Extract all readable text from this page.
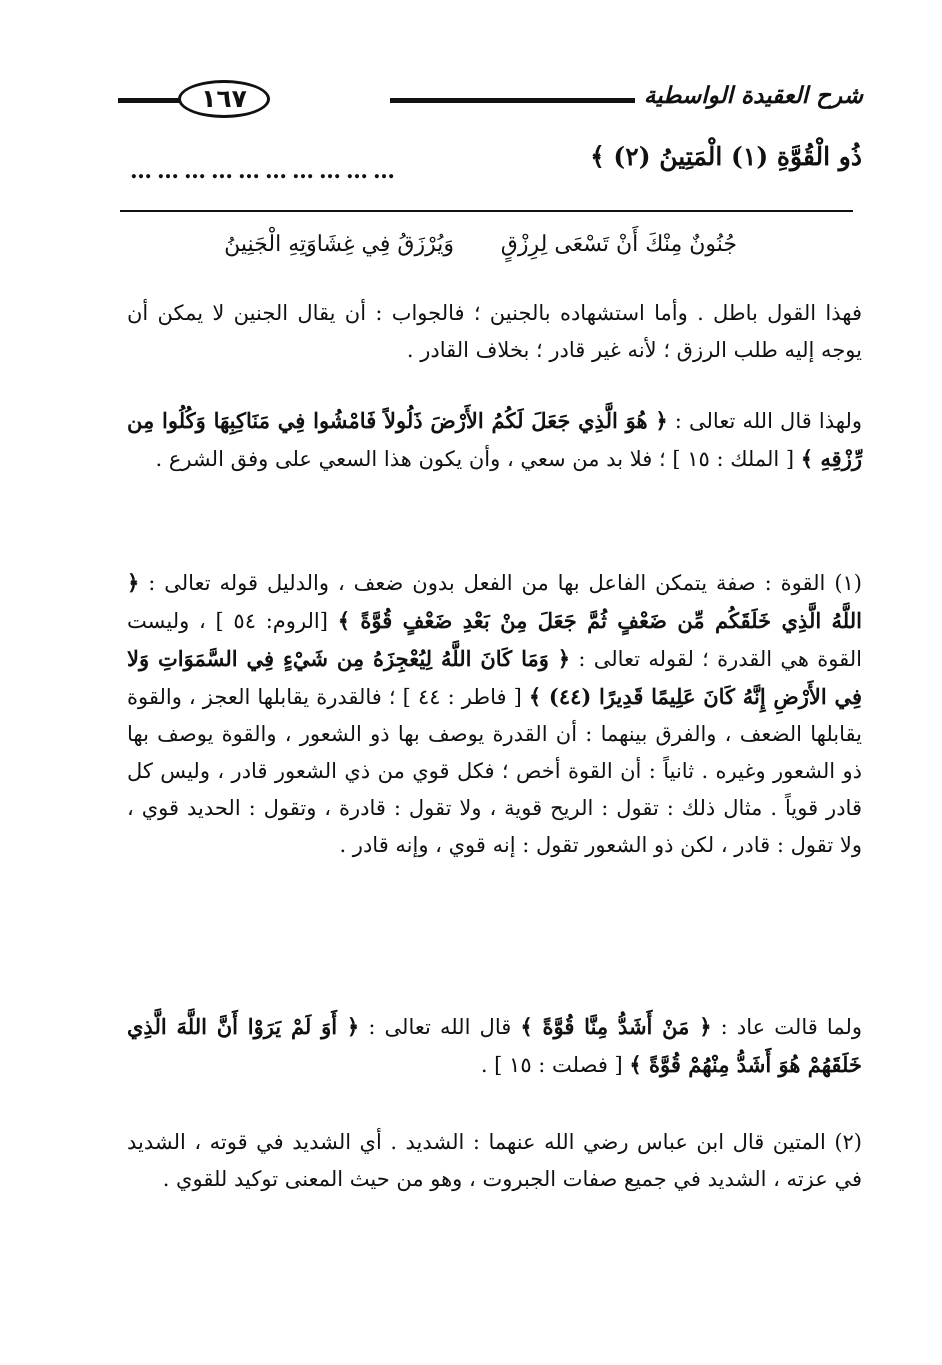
شرح العقيدة الواسطية
١٦٧
ذُو الْقُوَّةِ (١) الْمَتِينُ (٢) ﴾
…………………………
جُنُونٌ مِنْكَ أَنْ تَسْعَى لِرِزْقٍ
وَيُرْزَقُ فِي غِشَاوَتِهِ الْجَنِينُ
فهذا القول باطل . وأما استشهاده بالجنين ؛ فالجواب : أن يقال الجنين لا يمكن أن يوجه إليه طلب الرزق ؛ لأنه غير قادر ؛ بخلاف القادر .
ولهذا قال الله تعالى : ﴿ هُوَ الَّذِي جَعَلَ لَكُمُ الأَرْضَ ذَلُولاً فَامْشُوا فِي مَنَاكِبِهَا وَكُلُوا مِن رِّزْقِهِ ﴾ [ الملك : ١٥ ] ؛ فلا بد من سعي ، وأن يكون هذا السعي على وفق الشرع .
(١) القوة : صفة يتمكن الفاعل بها من الفعل بدون ضعف ، والدليل قوله تعالى : ﴿ اللَّهُ الَّذِي خَلَقَكُم مِّن ضَعْفٍ ثُمَّ جَعَلَ مِنْ بَعْدِ ضَعْفٍ قُوَّةً ﴾ [الروم: ٥٤ ] ، وليست القوة هي القدرة ؛ لقوله تعالى : ﴿ وَمَا كَانَ اللَّهُ لِيُعْجِزَهُ مِن شَيْءٍ فِي السَّمَوَاتِ وَلا فِي الأَرْضِ إِنَّهُ كَانَ عَلِيمًا قَدِيرًا (٤٤) ﴾ [ فاطر : ٤٤ ] ؛ فالقدرة يقابلها العجز ، والقوة يقابلها الضعف ، والفرق بينهما : أن القدرة يوصف بها ذو الشعور ، والقوة يوصف بها ذو الشعور وغيره . ثانياً : أن القوة أخص ؛ فكل قوي من ذي الشعور قادر ، وليس كل قادر قوياً . مثال ذلك : تقول : الريح قوية ، ولا تقول : قادرة ، وتقول : الحديد قوي ، ولا تقول : قادر ، لكن ذو الشعور تقول : إنه قوي ، وإنه قادر .
ولما قالت عاد : ﴿ مَنْ أَشَدُّ مِنَّا قُوَّةً ﴾ قال الله تعالى : ﴿ أَوَ لَمْ يَرَوْا أَنَّ اللَّهَ الَّذِي خَلَقَهُمْ هُوَ أَشَدُّ مِنْهُمْ قُوَّةً ﴾ [ فصلت : ١٥ ] .
(٢) المتين قال ابن عباس رضي الله عنهما : الشديد . أي الشديد في قوته ، الشديد في عزته ، الشديد في جميع صفات الجبروت ، وهو من حيث المعنى توكيد للقوي .
